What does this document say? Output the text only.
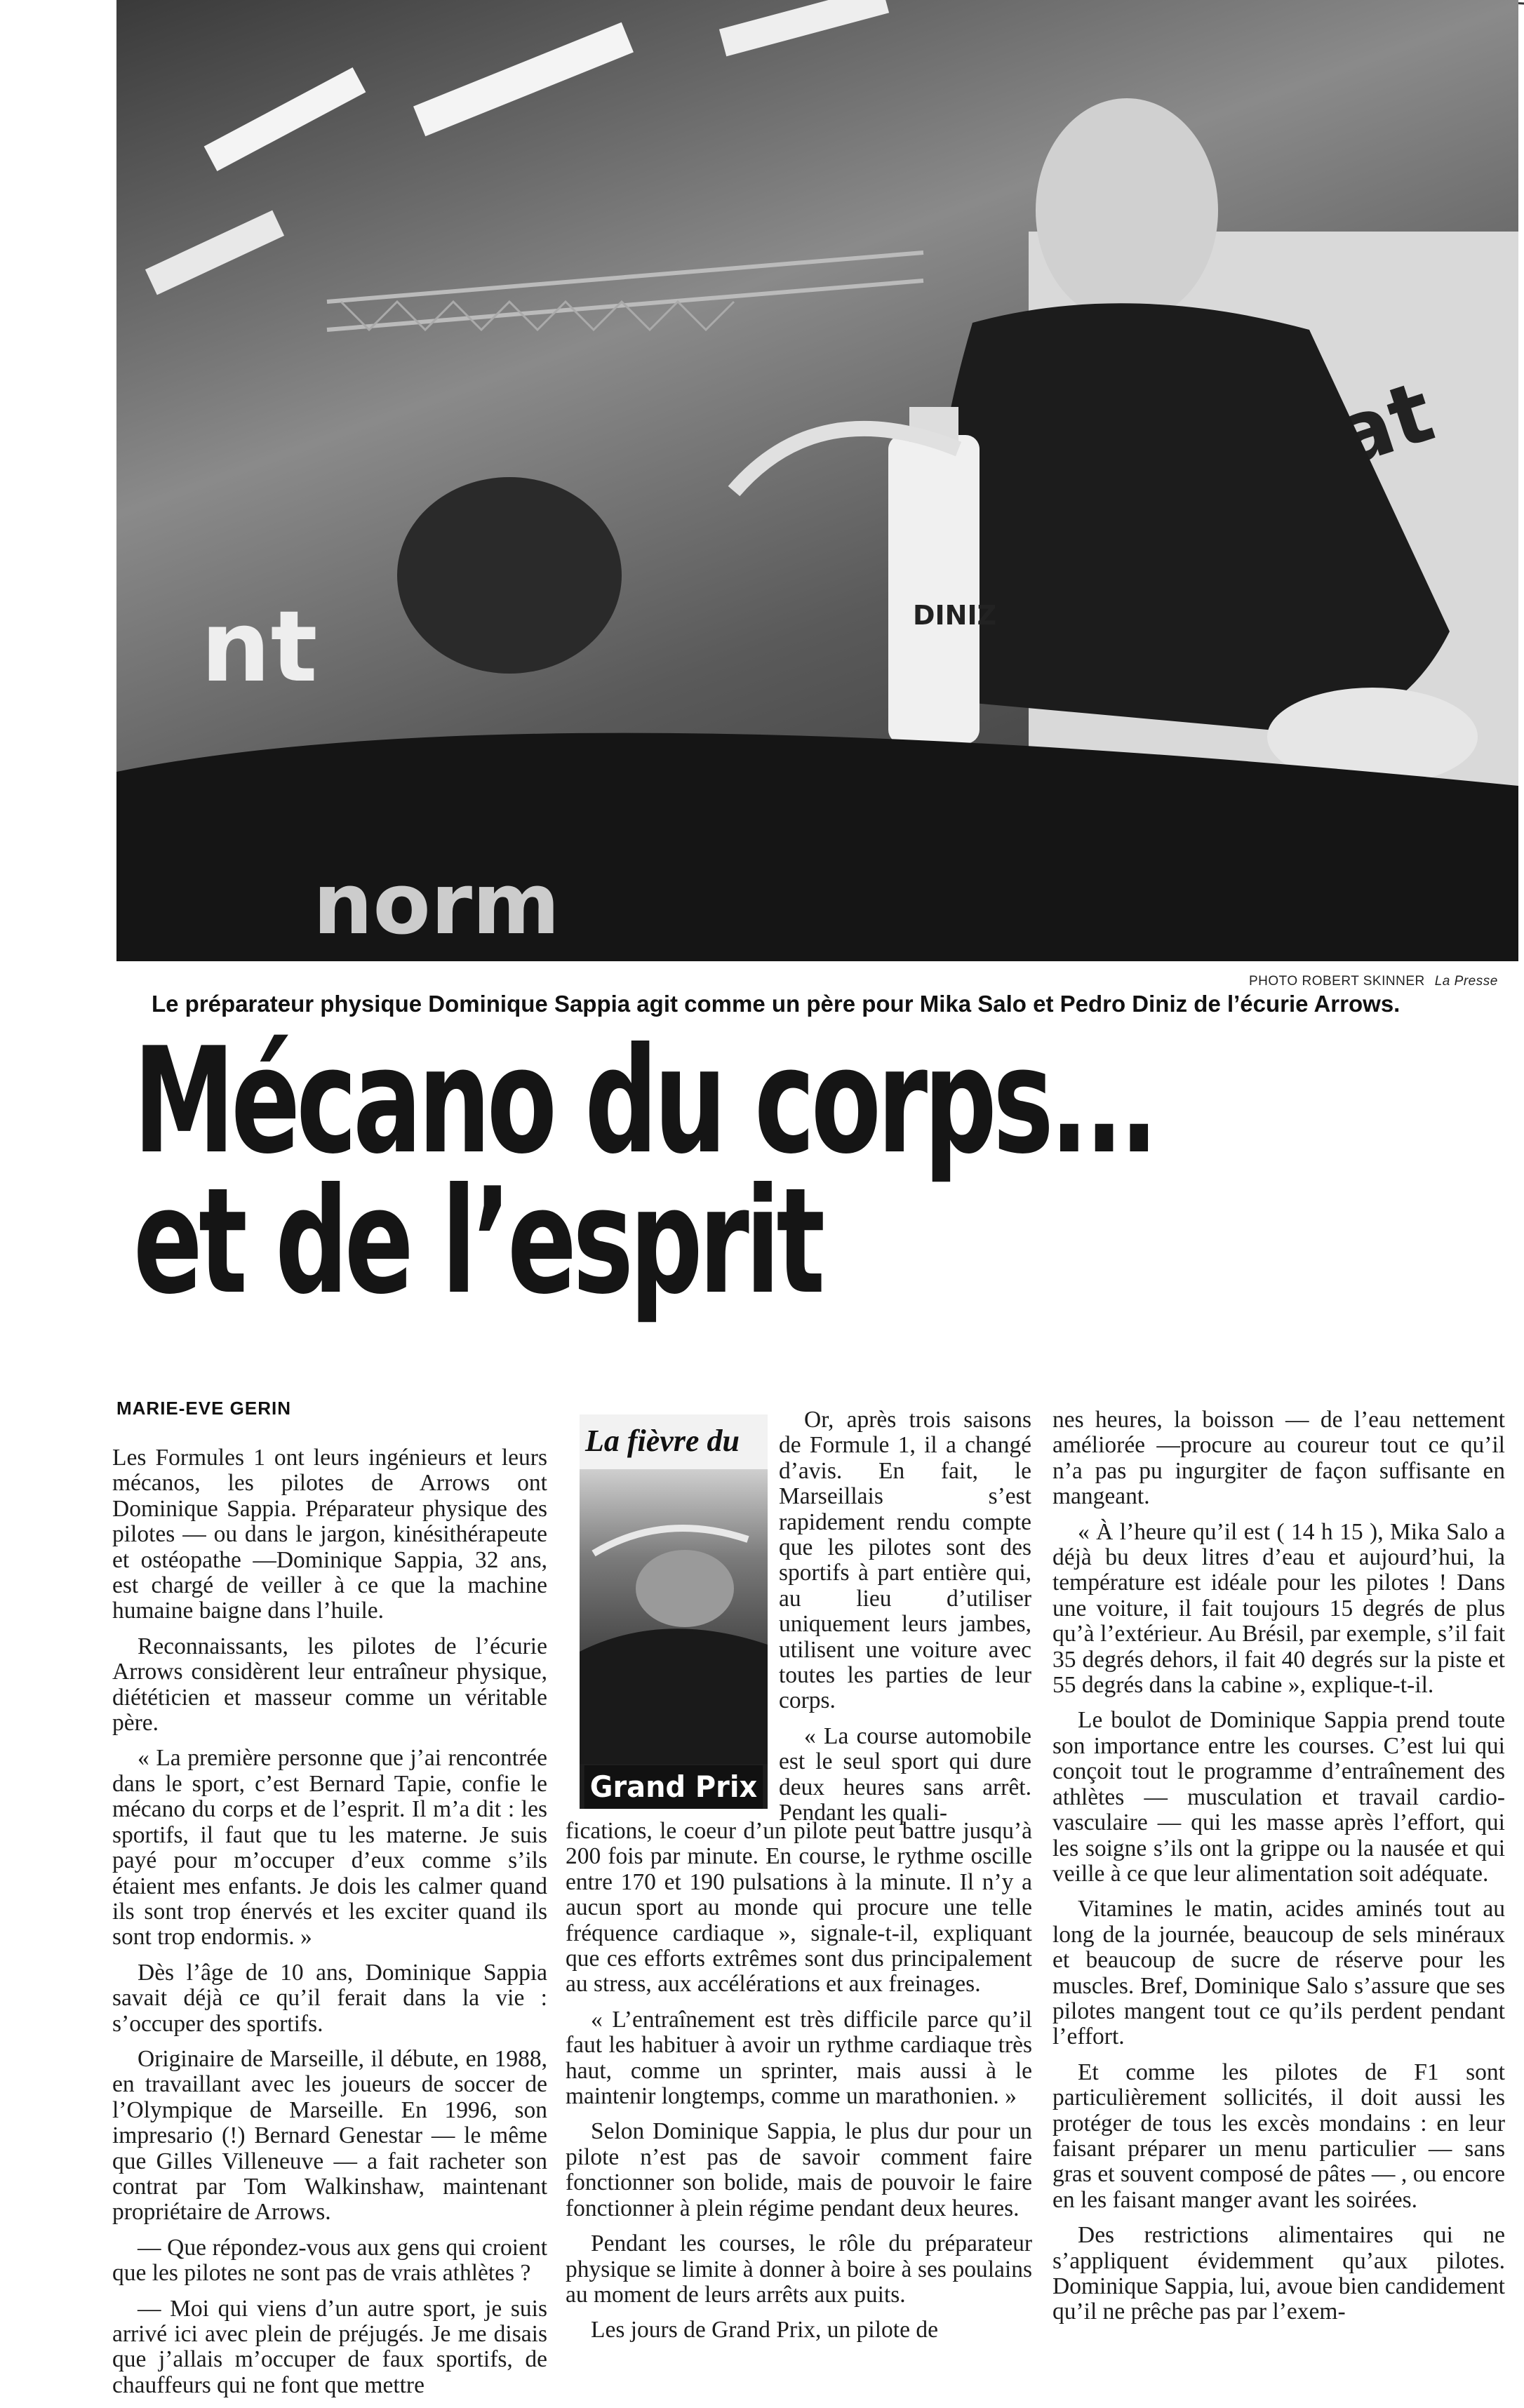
DINIZ
nt
norm
PHOTO ROBERT SKINNER La Presse
Le préparateur physique Dominique Sappia agit comme un père pour Mika Salo et Pedro Diniz de l’écurie Arrows.
Mécano du corps...
et de l’esprit
MARIE-EVE GERIN

Les Formules 1 ont leurs ingénieurs et leurs mécanos, les pilotes de Arrows ont Dominique Sappia. Préparateur physique des pilotes — ou dans le jargon, kinésithérapeute et ostéopathe —Dominique Sappia, 32 ans, est chargé de veiller à ce que la machine humaine baigne dans l’huile.

Reconnaissants, les pilotes de l’écurie Arrows considèrent leur entraîneur physique, diététicien et masseur comme un véritable père.

« La première personne que j’ai rencontrée dans le sport, c’est Bernard Tapie, confie le mécano du corps et de l’esprit. Il m’a dit : les sportifs, il faut que tu les materne. Je suis payé pour m’occuper d’eux comme s’ils étaient mes enfants. Je dois les calmer quand ils sont trop énervés et les exciter quand ils sont trop endormis. »

Dès l’âge de 10 ans, Dominique Sappia savait déjà ce qu’il ferait dans la vie : s’occuper des sportifs.

Originaire de Marseille, il débute, en 1988, en travaillant avec les joueurs de soccer de l’Olympique de Marseille. En 1996, son impresario (!) Bernard Genestar — le même que Gilles Villeneuve — a fait racheter son contrat par Tom Walkinshaw, maintenant propriétaire de Arrows.

— Que répondez-vous aux gens qui croient que les pilotes ne sont pas de vrais athlètes ?

— Moi qui viens d’un autre sport, je suis arrivé ici avec plein de préjugés. Je me disais que j’allais m’occuper de faux sportifs, de chauffeurs qui ne font que mettre

La fièvre du
Grand Prix

Or, après trois saisons de Formule 1, il a changé d’avis. En fait, le Marseillais s’est rapidement rendu compte que les pilotes sont des sportifs à part entière qui, au lieu d’utiliser uniquement leurs jambes, utilisent une voiture avec toutes les parties de leur corps.

« La course automobile est le seul sport qui dure deux heures sans arrêt. Pendant les quali-

fications, le coeur d’un pilote peut battre jusqu’à 200 fois par minute. En course, le rythme oscille entre 170 et 190 pulsations à la minute. Il n’y a aucun sport au monde qui procure une telle fréquence cardiaque », signale-t-il, expliquant que ces efforts extrêmes sont dus principalement au stress, aux accélérations et aux freinages.

« L’entraînement est très difficile parce qu’il faut les habituer à avoir un rythme cardiaque très haut, comme un sprinter, mais aussi à le maintenir longtemps, comme un marathonien. »

Selon Dominique Sappia, le plus dur pour un pilote n’est pas de savoir comment faire fonctionner son bolide, mais de pouvoir le faire fonctionner à plein régime pendant deux heures.

Pendant les courses, le rôle du préparateur physique se limite à donner à boire à ses poulains au moment de leurs arrêts aux puits.

Les jours de Grand Prix, un pilote de

nes heures, la boisson — de l’eau nettement améliorée —procure au coureur tout ce qu’il n’a pas pu ingurgiter de façon suffisante en mangeant.

« À l’heure qu’il est ( 14 h 15 ), Mika Salo a déjà bu deux litres d’eau et aujourd’hui, la température est idéale pour les pilotes ! Dans une voiture, il fait toujours 15 degrés de plus qu’à l’extérieur. Au Brésil, par exemple, s’il fait 35 degrés dehors, il fait 40 degrés sur la piste et 55 degrés dans la cabine », explique-t-il.

Le boulot de Dominique Sappia prend toute son importance entre les courses. C’est lui qui conçoit tout le programme d’entraînement des athlètes — musculation et travail cardio-vasculaire — qui les masse après l’effort, qui les soigne s’ils ont la grippe ou la nausée et qui veille à ce que leur alimentation soit adéquate.

Vitamines le matin, acides aminés tout au long de la journée, beaucoup de sels minéraux et beaucoup de sucre de réserve pour les muscles. Bref, Dominique Salo s’assure que ses pilotes mangent tout ce qu’ils perdent pendant l’effort.

Et comme les pilotes de F1 sont particulièrement sollicités, il doit aussi les protéger de tous les excès mondains : en leur faisant préparer un menu particulier — sans gras et souvent composé de pâtes — , ou encore en les faisant manger avant les soirées.

Des restrictions alimentaires qui ne s’appliquent évidemment qu’aux pilotes. Dominique Sappia, lui, avoue bien candidement qu’il ne prêche pas par l’exem-
